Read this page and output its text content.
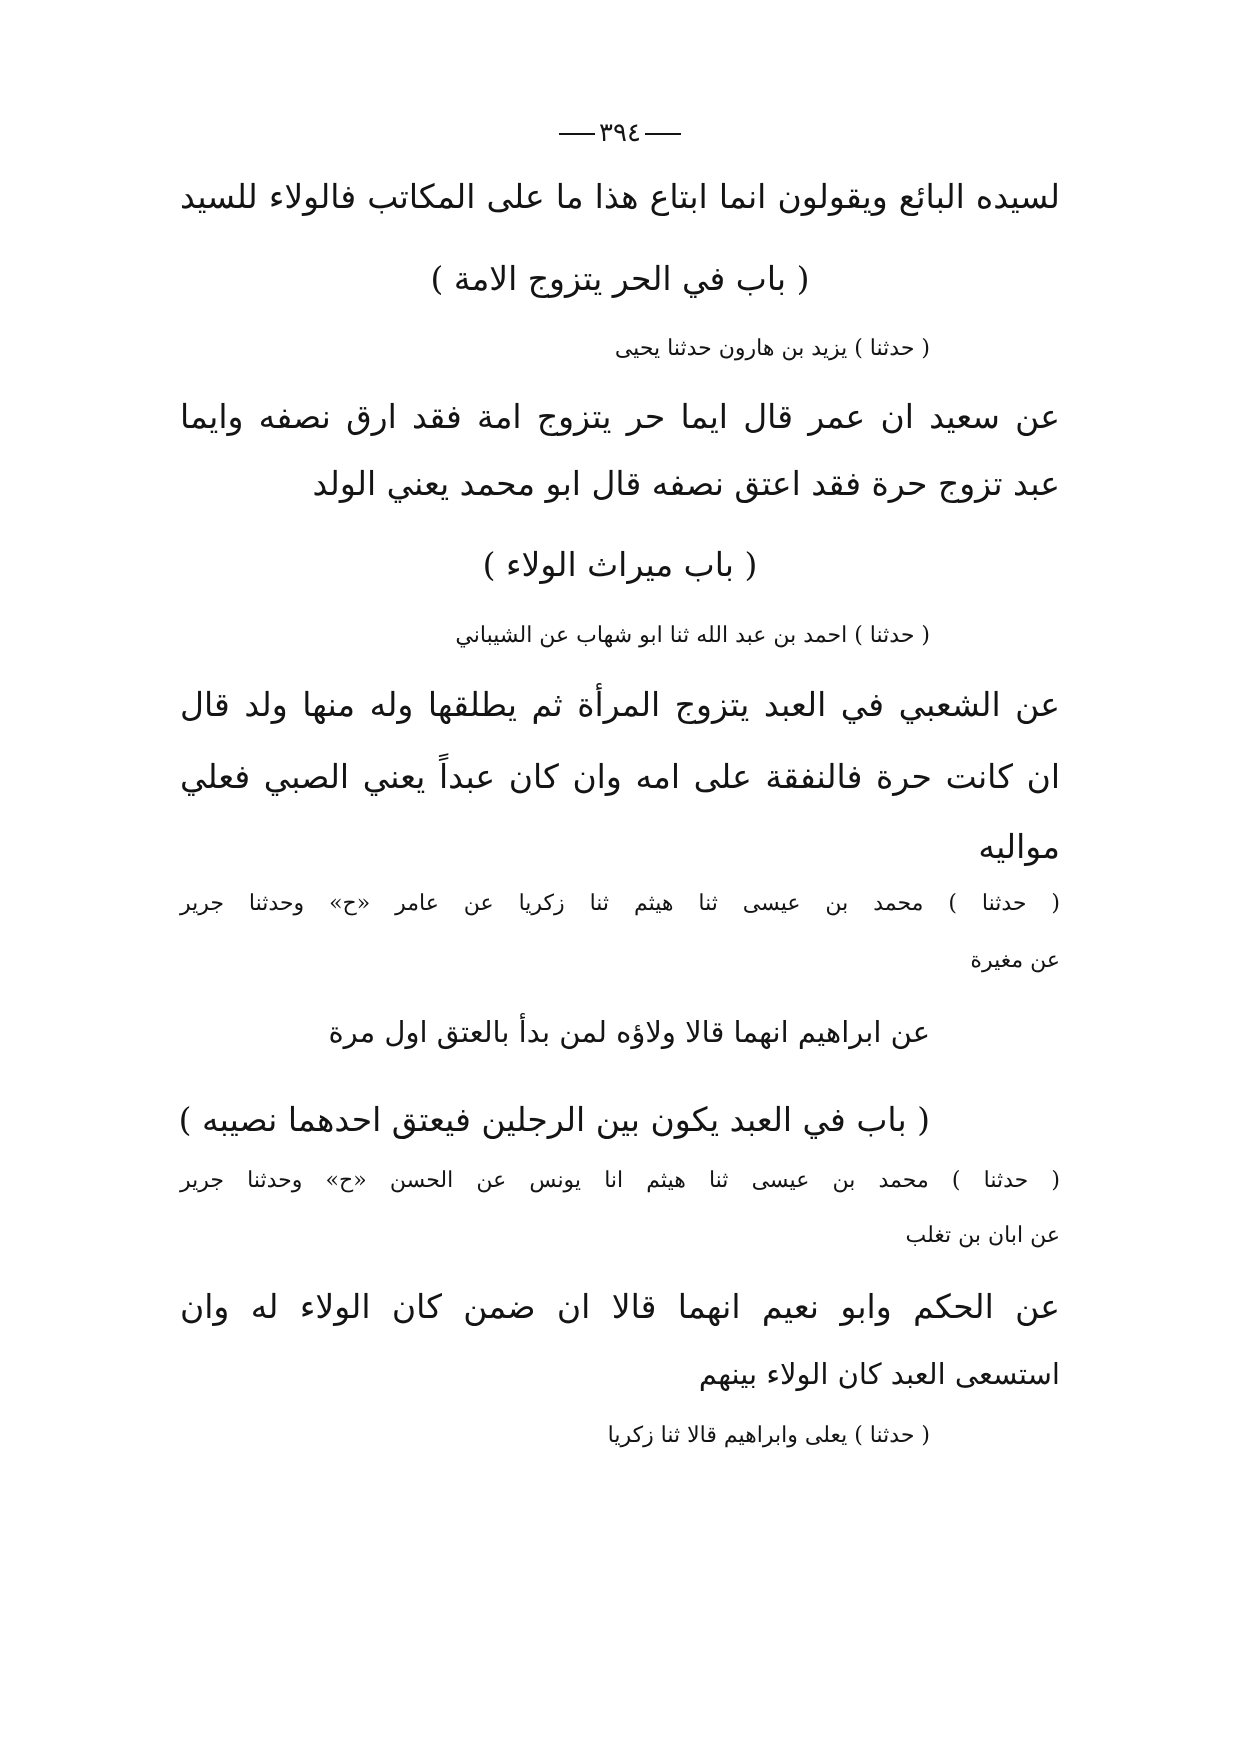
٣٩٤
لسيده البائع ويقولون انما ابتاع هذا ما على المكاتب فالولاء للسيد
( باب في الحر يتزوج الامة )
( حدثنا ) يزيد بن هارون حدثنا يحيى
عن سعيد ان عمر قال ايما حر يتزوج امة فقد ارق نصفه وايما
عبد تزوج حرة فقد اعتق نصفه قال ابو محمد يعني الولد
( باب ميراث الولاء )
( حدثنا ) احمد بن عبد الله ثنا ابو شهاب عن الشيباني
عن الشعبي في العبد يتزوج المرأة ثم يطلقها وله منها ولد قال
ان كانت حرة فالنفقة على امه وان كان عبداً يعني الصبي فعلي
مواليه
( حدثنا ) محمد بن عيسى ثنا هيثم ثنا زكريا عن عامر «ح» وحدثنا جرير
عن مغيرة
عن ابراهيم انهما قالا ولاؤه لمن بدأ بالعتق اول مرة
( باب في العبد يكون بين الرجلين فيعتق احدهما نصيبه )
( حدثنا ) محمد بن عيسى ثنا هيثم انا يونس عن الحسن «ح» وحدثنا جرير
عن ابان بن تغلب
عن الحكم وابو نعيم انهما قالا ان ضمن كان الولاء له وان
استسعى العبد كان الولاء بينهم
( حدثنا ) يعلى وابراهيم قالا ثنا زكريا
